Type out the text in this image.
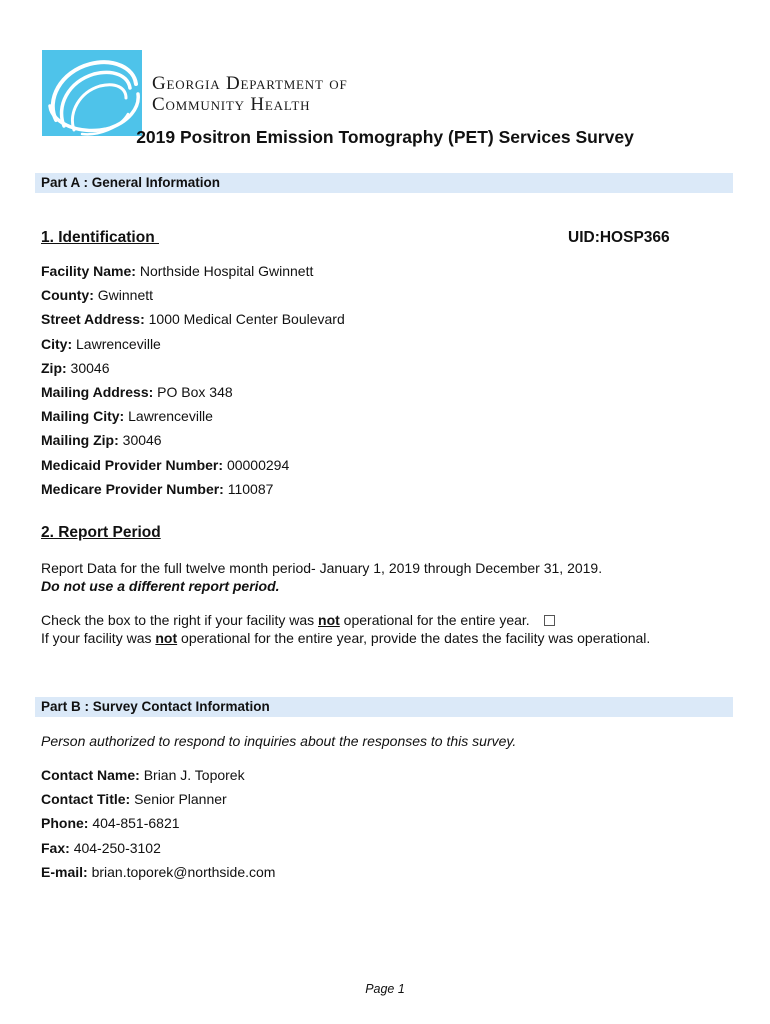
Georgia Department of
Community Health
2019 Positron Emission Tomography (PET) Services Survey
Part A : General Information
1. Identification	UID:HOSP366
Facility Name: Northside Hospital Gwinnett
County: Gwinnett
Street Address: 1000 Medical Center Boulevard
City: Lawrenceville
Zip: 30046
Mailing Address: PO Box 348
Mailing City: Lawrenceville
Mailing Zip: 30046
Medicaid Provider Number: 00000294
Medicare Provider Number: 110087
2. Report Period

Report Data for the full twelve month period- January 1, 2019 through December 31, 2019.
Do not use a different report period.

Check the box to the right if your facility was not operational for the entire year.
If your facility was not operational for the entire year, provide the dates the facility was operational.

Part B : Survey Contact Information

Person authorized to respond to inquiries about the responses to this survey.

Contact Name: Brian J. Toporek
Contact Title: Senior Planner
Phone: 404-851-6821
Fax: 404-250-3102
E-mail: brian.toporek@northside.com
Page 1
